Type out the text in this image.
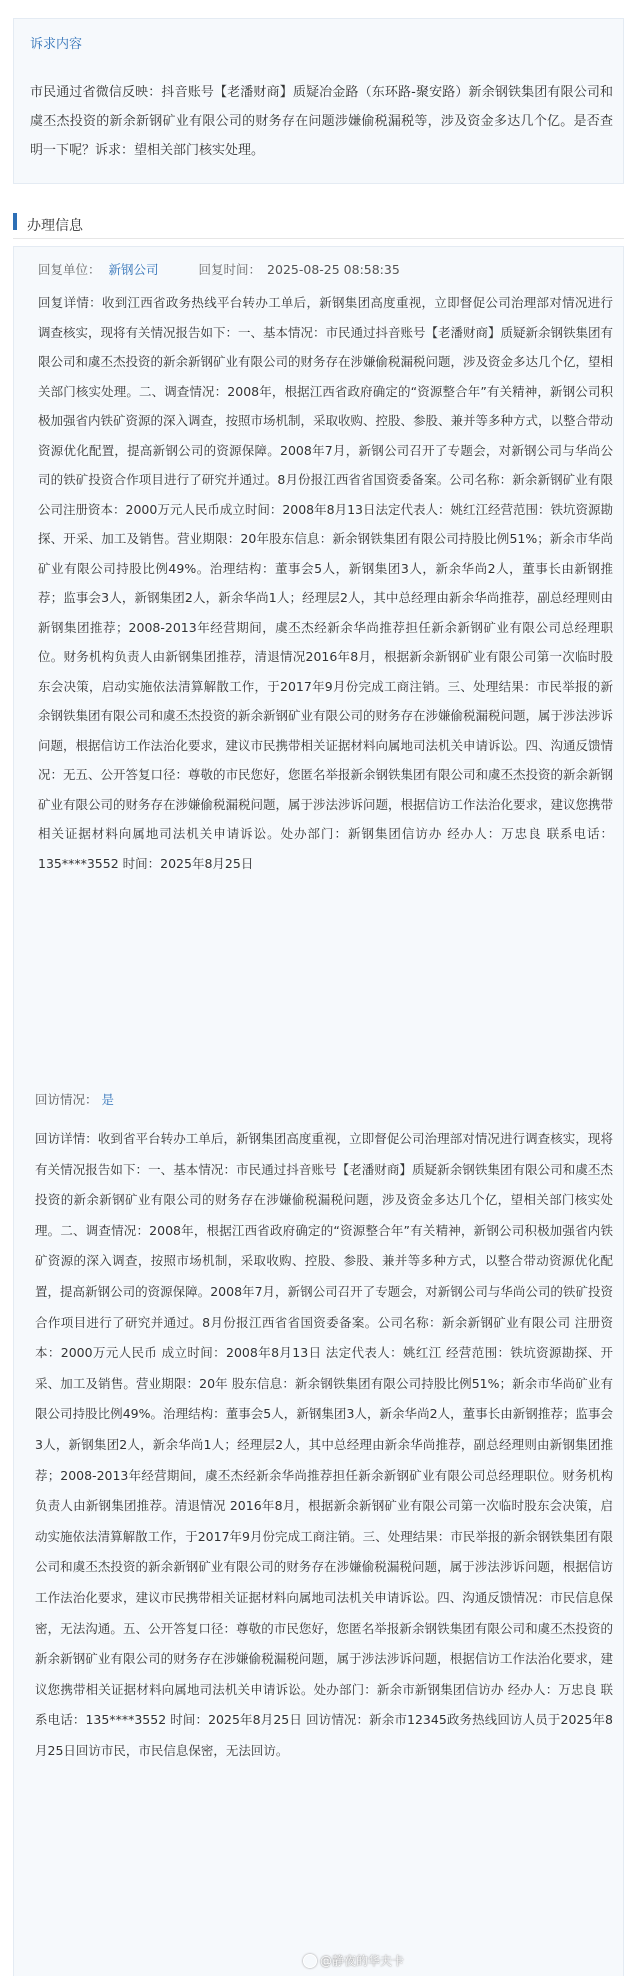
诉求内容
市民通过省微信反映：抖音账号【老潘财商】质疑冶金路（东环路-聚安路）新余钢铁集团有限公司和虞丕杰投资的新余新钢矿业有限公司的财务存在问题涉嫌偷税漏税等，涉及资金多达几个亿。是否查明一下呢？诉求：望相关部门核实处理。
办理信息
回复单位： 新钢公司	回复时间： 2025-08-25 08:58:35
回复详情：收到江西省政务热线平台转办工单后，新钢集团高度重视，立即督促公司治理部对情况进行调查核实，现将有关情况报告如下：一、基本情况：市民通过抖音账号【老潘财商】质疑新余钢铁集团有限公司和虞丕杰投资的新余新钢矿业有限公司的财务存在涉嫌偷税漏税问题，涉及资金多达几个亿，望相关部门核实处理。二、调查情况：2008年，根据江西省政府确定的“资源整合年”有关精神，新钢公司积极加强省内铁矿资源的深入调查，按照市场机制，采取收购、控股、参股、兼并等多种方式，以整合带动资源优化配置，提高新钢公司的资源保障。2008年7月，新钢公司召开了专题会，对新钢公司与华尚公司的铁矿投资合作项目进行了研究并通过。8月份报江西省省国资委备案。公司名称：新余新钢矿业有限公司注册资本：2000万元人民币成立时间：2008年8月13日法定代表人：姚红江经营范围：铁坑资源勘探、开采、加工及销售。营业期限：20年股东信息：新余钢铁集团有限公司持股比例51%；新余市华尚矿业有限公司持股比例49%。治理结构：董事会5人，新钢集团3人，新余华尚2人，董事长由新钢推荐；监事会3人，新钢集团2人，新余华尚1人；经理层2人，其中总经理由新余华尚推荐，副总经理则由新钢集团推荐；2008-2013年经营期间，虞丕杰经新余华尚推荐担任新余新钢矿业有限公司总经理职位。财务机构负责人由新钢集团推荐，清退情况2016年8月，根据新余新钢矿业有限公司第一次临时股东会决策，启动实施依法清算解散工作，于2017年9月份完成工商注销。三、处理结果：市民举报的新余钢铁集团有限公司和虞丕杰投资的新余新钢矿业有限公司的财务存在涉嫌偷税漏税问题，属于涉法涉诉问题，根据信访工作法治化要求，建议市民携带相关证据材料向属地司法机关申请诉讼。四、沟通反馈情况：无五、公开答复口径：尊敬的市民您好，您匿名举报新余钢铁集团有限公司和虞丕杰投资的新余新钢矿业有限公司的财务存在涉嫌偷税漏税问题，属于涉法涉诉问题，根据信访工作法治化要求，建议您携带相关证据材料向属地司法机关申请诉讼。处办部门：新钢集团信访办 经办人：万忠良 联系电话：135****3552 时间：2025年8月25日
回访情况： 是
回访详情：收到省平台转办工单后，新钢集团高度重视，立即督促公司治理部对情况进行调查核实，现将有关情况报告如下：一、基本情况：市民通过抖音账号【老潘财商】质疑新余钢铁集团有限公司和虞丕杰投资的新余新钢矿业有限公司的财务存在涉嫌偷税漏税问题，涉及资金多达几个亿，望相关部门核实处理。二、调查情况：2008年，根据江西省政府确定的“资源整合年”有关精神，新钢公司积极加强省内铁矿资源的深入调查，按照市场机制，采取收购、控股、参股、兼并等多种方式，以整合带动资源优化配置，提高新钢公司的资源保障。2008年7月，新钢公司召开了专题会，对新钢公司与华尚公司的铁矿投资合作项目进行了研究并通过。8月份报江西省省国资委备案。公司名称：新余新钢矿业有限公司 注册资本：2000万元人民币 成立时间：2008年8月13日 法定代表人：姚红江 经营范围：铁坑资源勘探、开采、加工及销售。营业期限：20年 股东信息：新余钢铁集团有限公司持股比例51%；新余市华尚矿业有限公司持股比例49%。治理结构：董事会5人，新钢集团3人，新余华尚2人，董事长由新钢推荐；监事会3人，新钢集团2人，新余华尚1人；经理层2人，其中总经理由新余华尚推荐，副总经理则由新钢集团推荐；2008-2013年经营期间，虞丕杰经新余华尚推荐担任新余新钢矿业有限公司总经理职位。财务机构负责人由新钢集团推荐。清退情况 2016年8月，根据新余新钢矿业有限公司第一次临时股东会决策，启动实施依法清算解散工作，于2017年9月份完成工商注销。三、处理结果：市民举报的新余钢铁集团有限公司和虞丕杰投资的新余新钢矿业有限公司的财务存在涉嫌偷税漏税问题，属于涉法涉诉问题，根据信访工作法治化要求，建议市民携带相关证据材料向属地司法机关申请诉讼。四、沟通反馈情况：市民信息保密，无法沟通。五、公开答复口径：尊敬的市民您好，您匿名举报新余钢铁集团有限公司和虞丕杰投资的新余新钢矿业有限公司的财务存在涉嫌偷税漏税问题，属于涉法涉诉问题，根据信访工作法治化要求，建议您携带相关证据材料向属地司法机关申请诉讼。处办部门：新余市新钢集团信访办 经办人：万忠良 联系电话：135****3552 时间：2025年8月25日 回访情况：新余市12345政务热线回访人员于2025年8月25日回访市民，市民信息保密，无法回访。
@静夜的华夫卡
